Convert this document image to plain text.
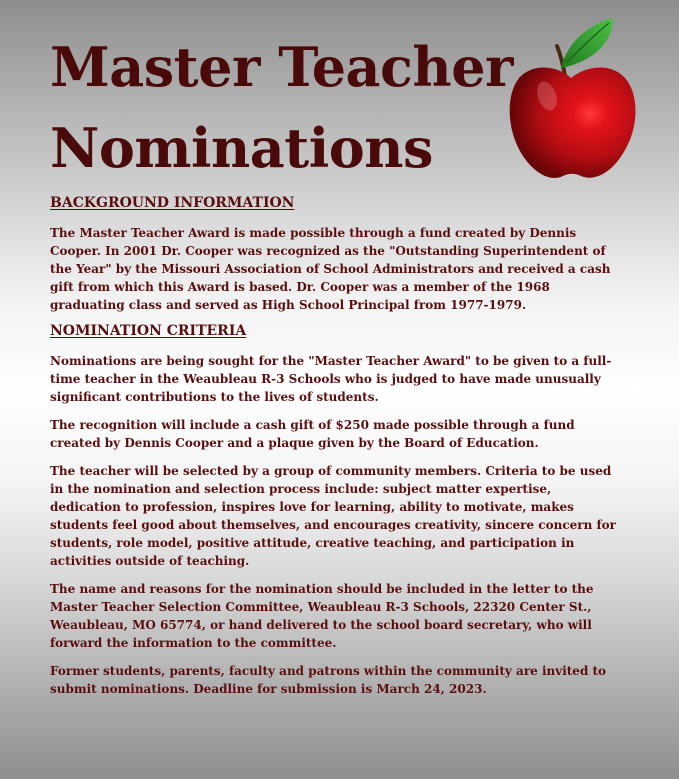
Master Teacher
Nominations
BACKGROUND INFORMATION

The Master Teacher Award is made possible through a fund created by Dennis Cooper. In 2001 Dr. Cooper was recognized as the "Outstanding Superintendent of the Year" by the Missouri Association of School Administrators and received a cash gift from which this Award is based. Dr. Cooper was a member of the 1968 graduating class and served as High School Principal from 1977-1979.

NOMINATION CRITERIA

Nominations are being sought for the "Master Teacher Award" to be given to a full-time teacher in the Weaubleau R-3 Schools who is judged to have made unusually significant contributions to the lives of students.

The recognition will include a cash gift of $250 made possible through a fund created by Dennis Cooper and a plaque given by the Board of Education.

The teacher will be selected by a group of community members. Criteria to be used in the nomination and selection process include: subject matter expertise, dedication to profession, inspires love for learning, ability to motivate, makes students feel good about themselves, and encourages creativity, sincere concern for students, role model, positive attitude, creative teaching, and participation in activities outside of teaching.

The name and reasons for the nomination should be included in the letter to the Master Teacher Selection Committee, Weaubleau R-3 Schools, 22320 Center St., Weaubleau, MO 65774, or hand delivered to the school board secretary, who will forward the information to the committee.

Former students, parents, faculty and patrons within the community are invited to submit nominations. Deadline for submission is March 24, 2023.
